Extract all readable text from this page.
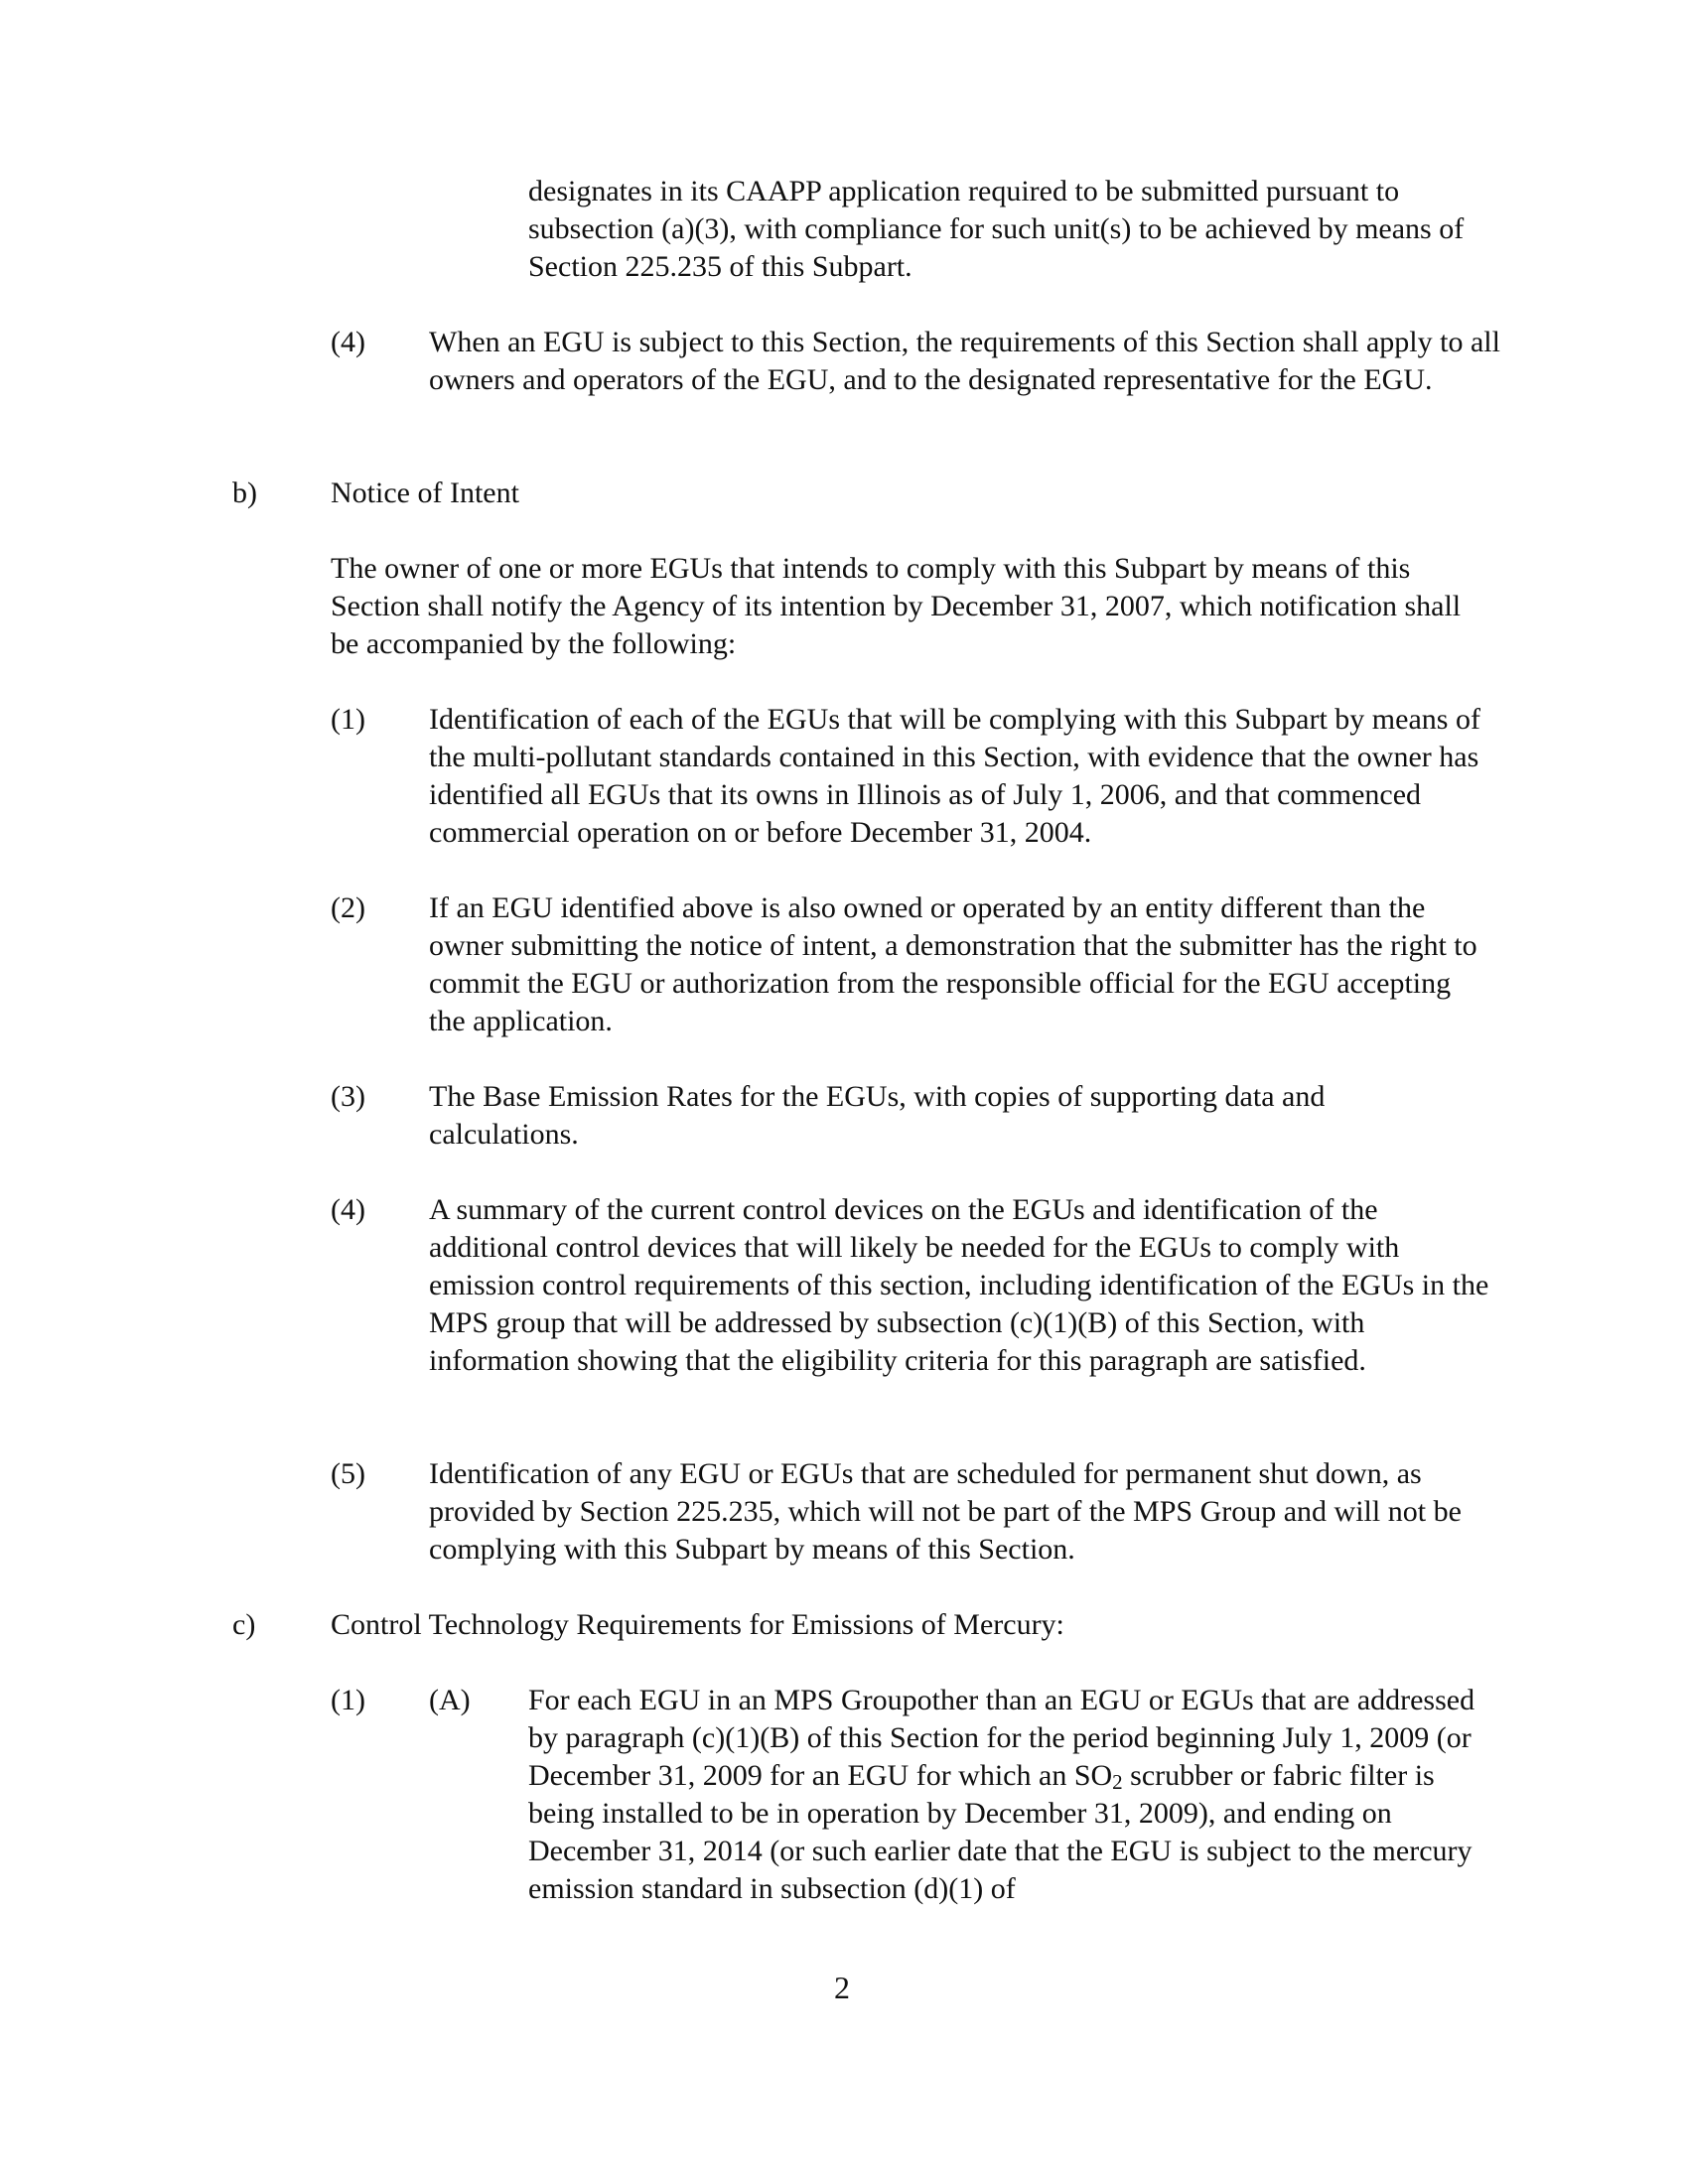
designates in its CAAPP application required to be submitted pursuant to subsection (a)(3), with compliance for such unit(s) to be achieved by means of Section 225.235 of this Subpart.

(4) When an EGU is subject to this Section, the requirements of this Section shall apply to all owners and operators of the EGU, and to the designated representative for the EGU.

b) Notice of Intent

The owner of one or more EGUs that intends to comply with this Subpart by means of this Section shall notify the Agency of its intention by December 31, 2007, which notification shall be accompanied by the following:

(1) Identification of each of the EGUs that will be complying with this Subpart by means of the multi-pollutant standards contained in this Section, with evidence that the owner has identified all EGUs that its owns in Illinois as of July 1, 2006, and that commenced commercial operation on or before December 31, 2004.

(2) If an EGU identified above is also owned or operated by an entity different than the owner submitting the notice of intent, a demonstration that the submitter has the right to commit the EGU or authorization from the responsible official for the EGU accepting the application.

(3) The Base Emission Rates for the EGUs, with copies of supporting data and calculations.

(4) A summary of the current control devices on the EGUs and identification of the additional control devices that will likely be needed for the EGUs to comply with emission control requirements of this section, including identification of the EGUs in the MPS group that will be addressed by subsection (c)(1)(B) of this Section, with information showing that the eligibility criteria for this paragraph are satisfied.

(5) Identification of any EGU or EGUs that are scheduled for permanent shut down, as provided by Section 225.235, which will not be part of the MPS Group and will not be complying with this Subpart by means of this Section.

c)	Control Technology Requirements for Emissions of Mercury:
(1) (A) For each EGU in an MPS Groupother than an EGU or EGUs that are addressed by paragraph (c)(1)(B) of this Section for the period beginning July 1, 2009 (or December 31, 2009 for an EGU for which an $SO_2$ scrubber or fabric filter is being installed to be in operation by December 31, 2009), and ending on December 31, 2014 (or such earlier date that the EGU is subject to the mercury emission standard in subsection (d)(1) of

2
